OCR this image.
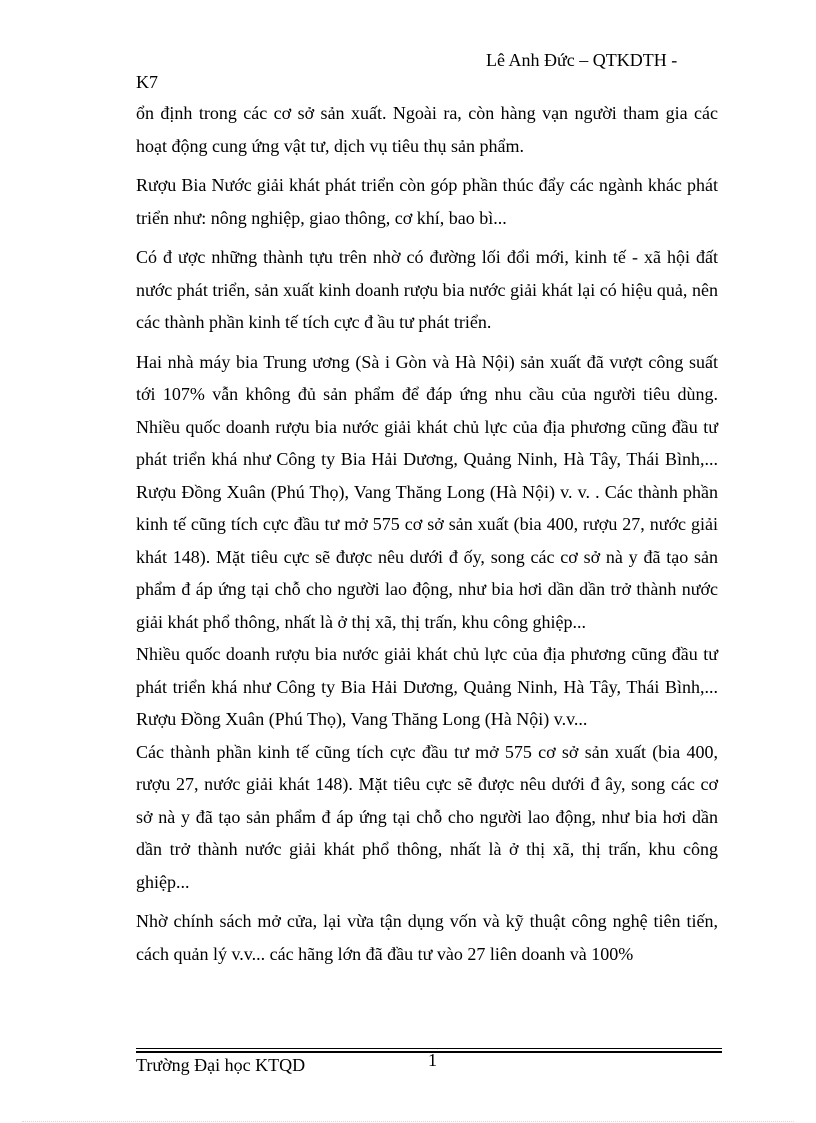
Lê Anh Đức – QTKDTH -
K7

ổn định trong các cơ sở sản xuất. Ngoài ra, còn hàng vạn người tham gia các hoạt động cung ứng vật tư, dịch vụ tiêu thụ sản phẩm.

Rượu Bia Nước giải khát phát triển còn góp phần thúc đẩy các ngành khác phát triển như: nông nghiệp, giao thông, cơ khí, bao bì...

Có đ ược những thành tựu trên nhờ có đường lối đổi mới, kinh tế - xã hội đất nước phát triển, sản xuất kinh doanh rượu bia nước giải khát lại có hiệu quả, nên các thành phần kinh tế tích cực đ ầu tư phát triển.

Hai nhà máy bia Trung ương (Sà i Gòn và Hà Nội) sản xuất đã vượt công suất tới 107% vẫn không đủ sản phẩm để đáp ứng nhu cầu của người tiêu dùng. Nhiều quốc doanh rượu bia nước giải khát chủ lực của địa phương cũng đầu tư phát triển khá như Công ty Bia Hải Dương, Quảng Ninh, Hà Tây, Thái Bình,... Rượu Đồng Xuân (Phú Thọ), Vang Thăng Long (Hà Nội) v. v. . Các thành phần kinh tế cũng tích cực đầu tư mở 575 cơ sở sản xuất (bia 400, rượu 27, nước giải khát 148). Mặt tiêu cực sẽ được nêu dưới đ ốy, song các cơ sở nà y đã tạo sản phẩm đ áp ứng tại chỗ cho người lao động, như bia hơi dần dần trở thành nước giải khát phổ thông, nhất là ở thị xã, thị trấn, khu công ghiệp...

Nhiều quốc doanh rượu bia nước giải khát chủ lực của địa phương cũng đầu tư phát triển khá như Công ty Bia Hải Dương, Quảng Ninh, Hà Tây, Thái Bình,... Rượu Đồng Xuân (Phú Thọ), Vang Thăng Long (Hà Nội) v.v...

Các thành phần kinh tế cũng tích cực đầu tư mở 575 cơ sở sản xuất (bia 400, rượu 27, nước giải khát 148). Mặt tiêu cực sẽ được nêu dưới đ ây, song các cơ sở nà y đã tạo sản phẩm đ áp ứng tại chỗ cho người lao động, như bia hơi dần dần trở thành nước giải khát phổ thông, nhất là ở thị xã, thị trấn, khu công ghiệp...

Nhờ chính sách mở cửa, lại vừa tận dụng vốn và kỹ thuật công nghệ tiên tiến, cách quản lý v.v... các hãng lớn đã đầu tư vào 27 liên doanh và 100%

Trường Đại học KTQD	1
